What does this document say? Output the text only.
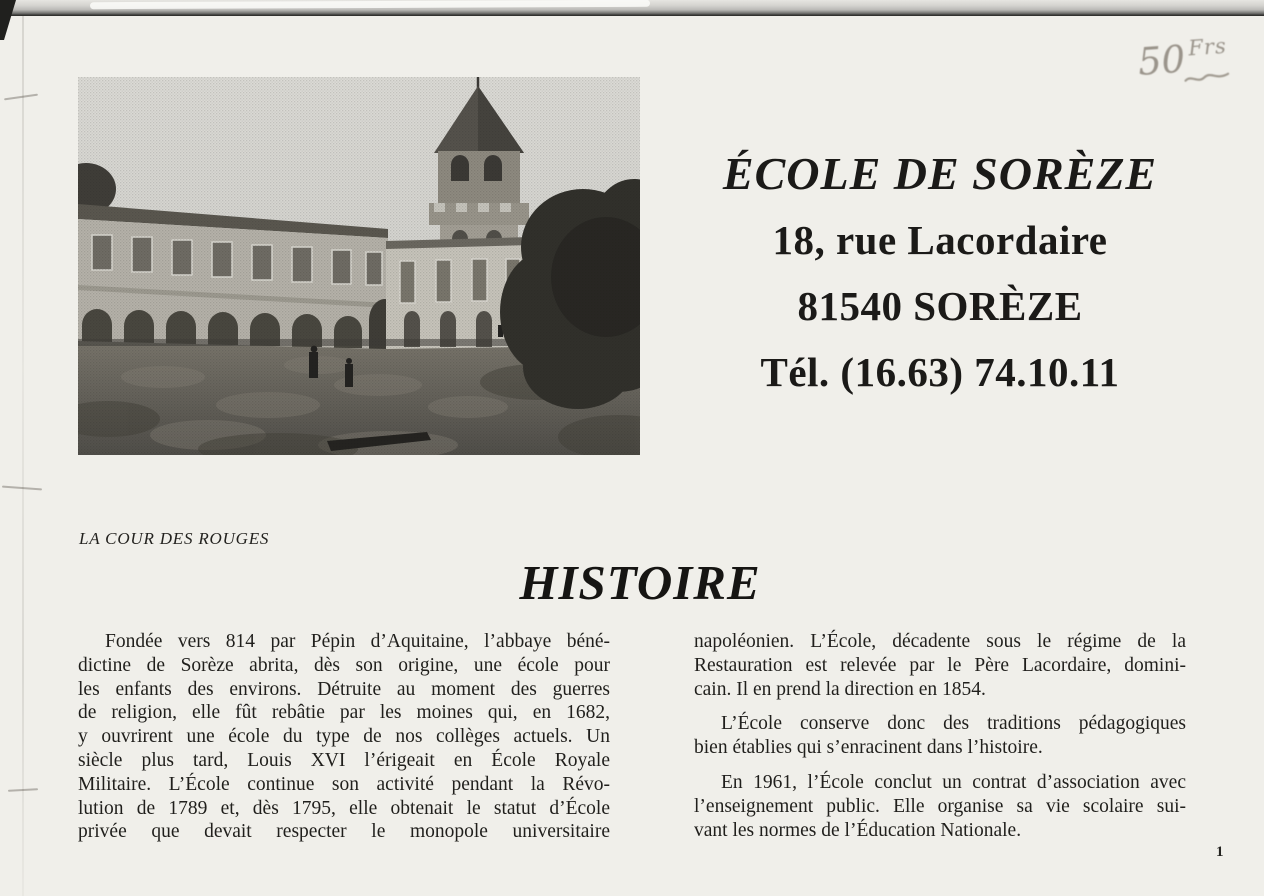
LA COUR DES ROUGES
50Frs
ÉCOLE DE SORÈZE
18, rue Lacordaire
81540 SORÈZE
Tél. (16.63) 74.10.11
HISTOIRE
Fondée vers 814 par Pépin d’Aquitaine, l’abbaye béné-
dictine de Sorèze abrita, dès son origine, une école pour
les enfants des environs. Détruite au moment des guerres
de religion, elle fût rebâtie par les moines qui, en 1682,
y ouvrirent une école du type de nos collèges actuels. Un
siècle plus tard, Louis XVI l’érigeait en École Royale
Militaire. L’École continue son activité pendant la Révo-
lution de 1789 et, dès 1795, elle obtenait le statut d’École
privée que devait respecter le monopole universitaire
napoléonien. L’École, décadente sous le régime de la
Restauration est relevée par le Père Lacordaire, domini-
cain. Il en prend la direction en 1854.
L’École conserve donc des traditions pédagogiques
bien établies qui s’enracinent dans l’histoire.
En 1961, l’École conclut un contrat d’association avec
l’enseignement public. Elle organise sa vie scolaire sui-
vant les normes de l’Éducation Nationale.
1
